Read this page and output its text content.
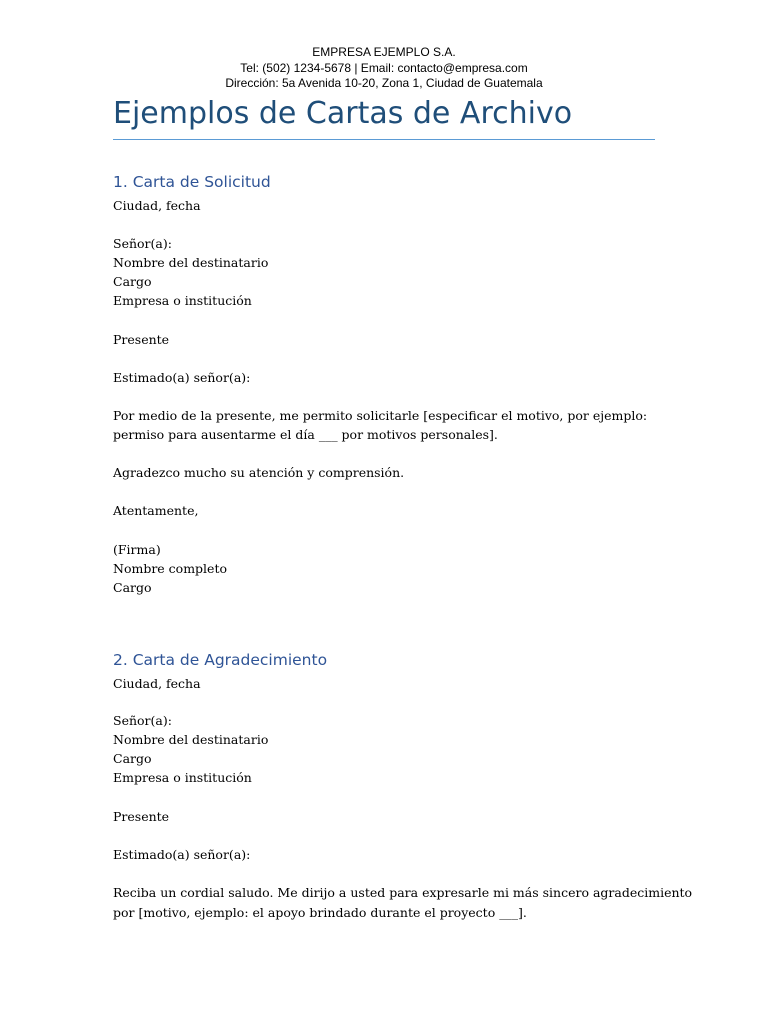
EMPRESA EJEMPLO S.A.
Tel: (502) 1234-5678 | Email: contacto@empresa.com
Dirección: 5a Avenida 10-20, Zona 1, Ciudad de Guatemala
Ejemplos de Cartas de Archivo
1. Carta de Solicitud
Ciudad, fecha
Señor(a):
Nombre del destinatario
Cargo
Empresa o institución
Presente
Estimado(a) señor(a):
Por medio de la presente, me permito solicitarle [especificar el motivo, por ejemplo:
permiso para ausentarme el día ___ por motivos personales].
Agradezco mucho su atención y comprensión.
Atentamente,
(Firma)
Nombre completo
Cargo
2. Carta de Agradecimiento
Ciudad, fecha
Señor(a):
Nombre del destinatario
Cargo
Empresa o institución
Presente
Estimado(a) señor(a):
Reciba un cordial saludo. Me dirijo a usted para expresarle mi más sincero agradecimiento
por [motivo, ejemplo: el apoyo brindado durante el proyecto ___].
